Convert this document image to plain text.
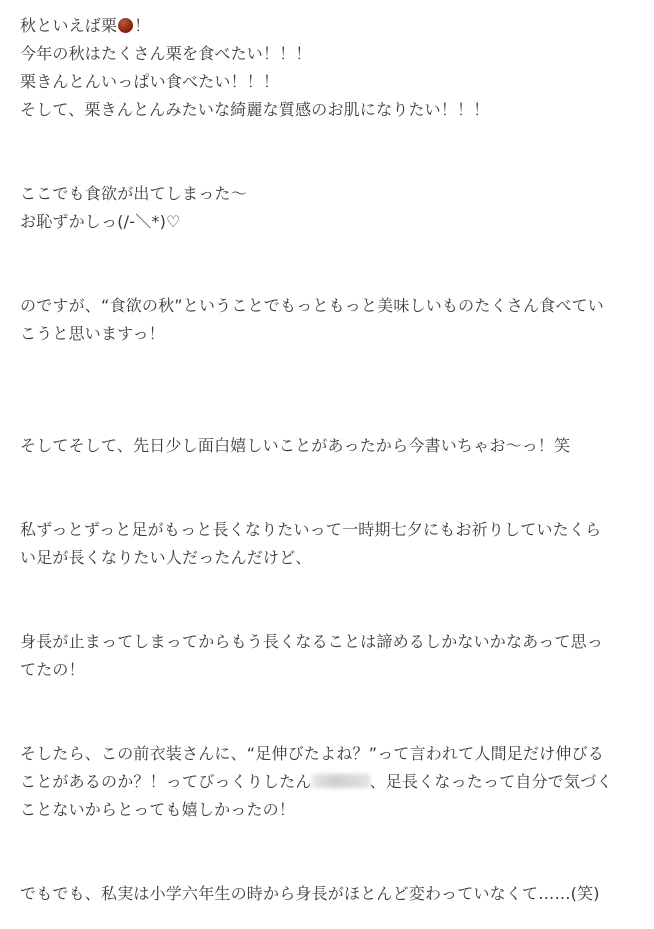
秋といえば栗 ！
今年の秋はたくさん栗を食べたい！！！
栗きんとんいっぱい食べたい！！！
そして、栗きんとんみたいな綺麗な質感のお肌になりたい！！！
ここでも食欲が出てしまった〜
お恥ずかしっ(/-＼*)♡
のですが、“食欲の秋”ということでもっともっと美味しいものたくさん食べてい
こうと思いますっ！
そしてそして、先日少し面白嬉しいことがあったから今書いちゃお〜っ！笑
私ずっとずっと足がもっと長くなりたいって一時期七夕にもお祈りしていたくら
い足が長くなりたい人だったんだけど、
身長が止まってしまってからもう長くなることは諦めるしかないかなあって思っ
てたの！
そしたら、この前衣装さんに、“足伸びたよね？”って言われて人間足だけ伸びる
ことがあるのか？！ってびっくりしたん	、足長くなったって自分で気づく
ことないからとっても嬉しかったの！
でもでも、私実は小学六年生の時から身長がほとんど変わっていなくて……(笑)
